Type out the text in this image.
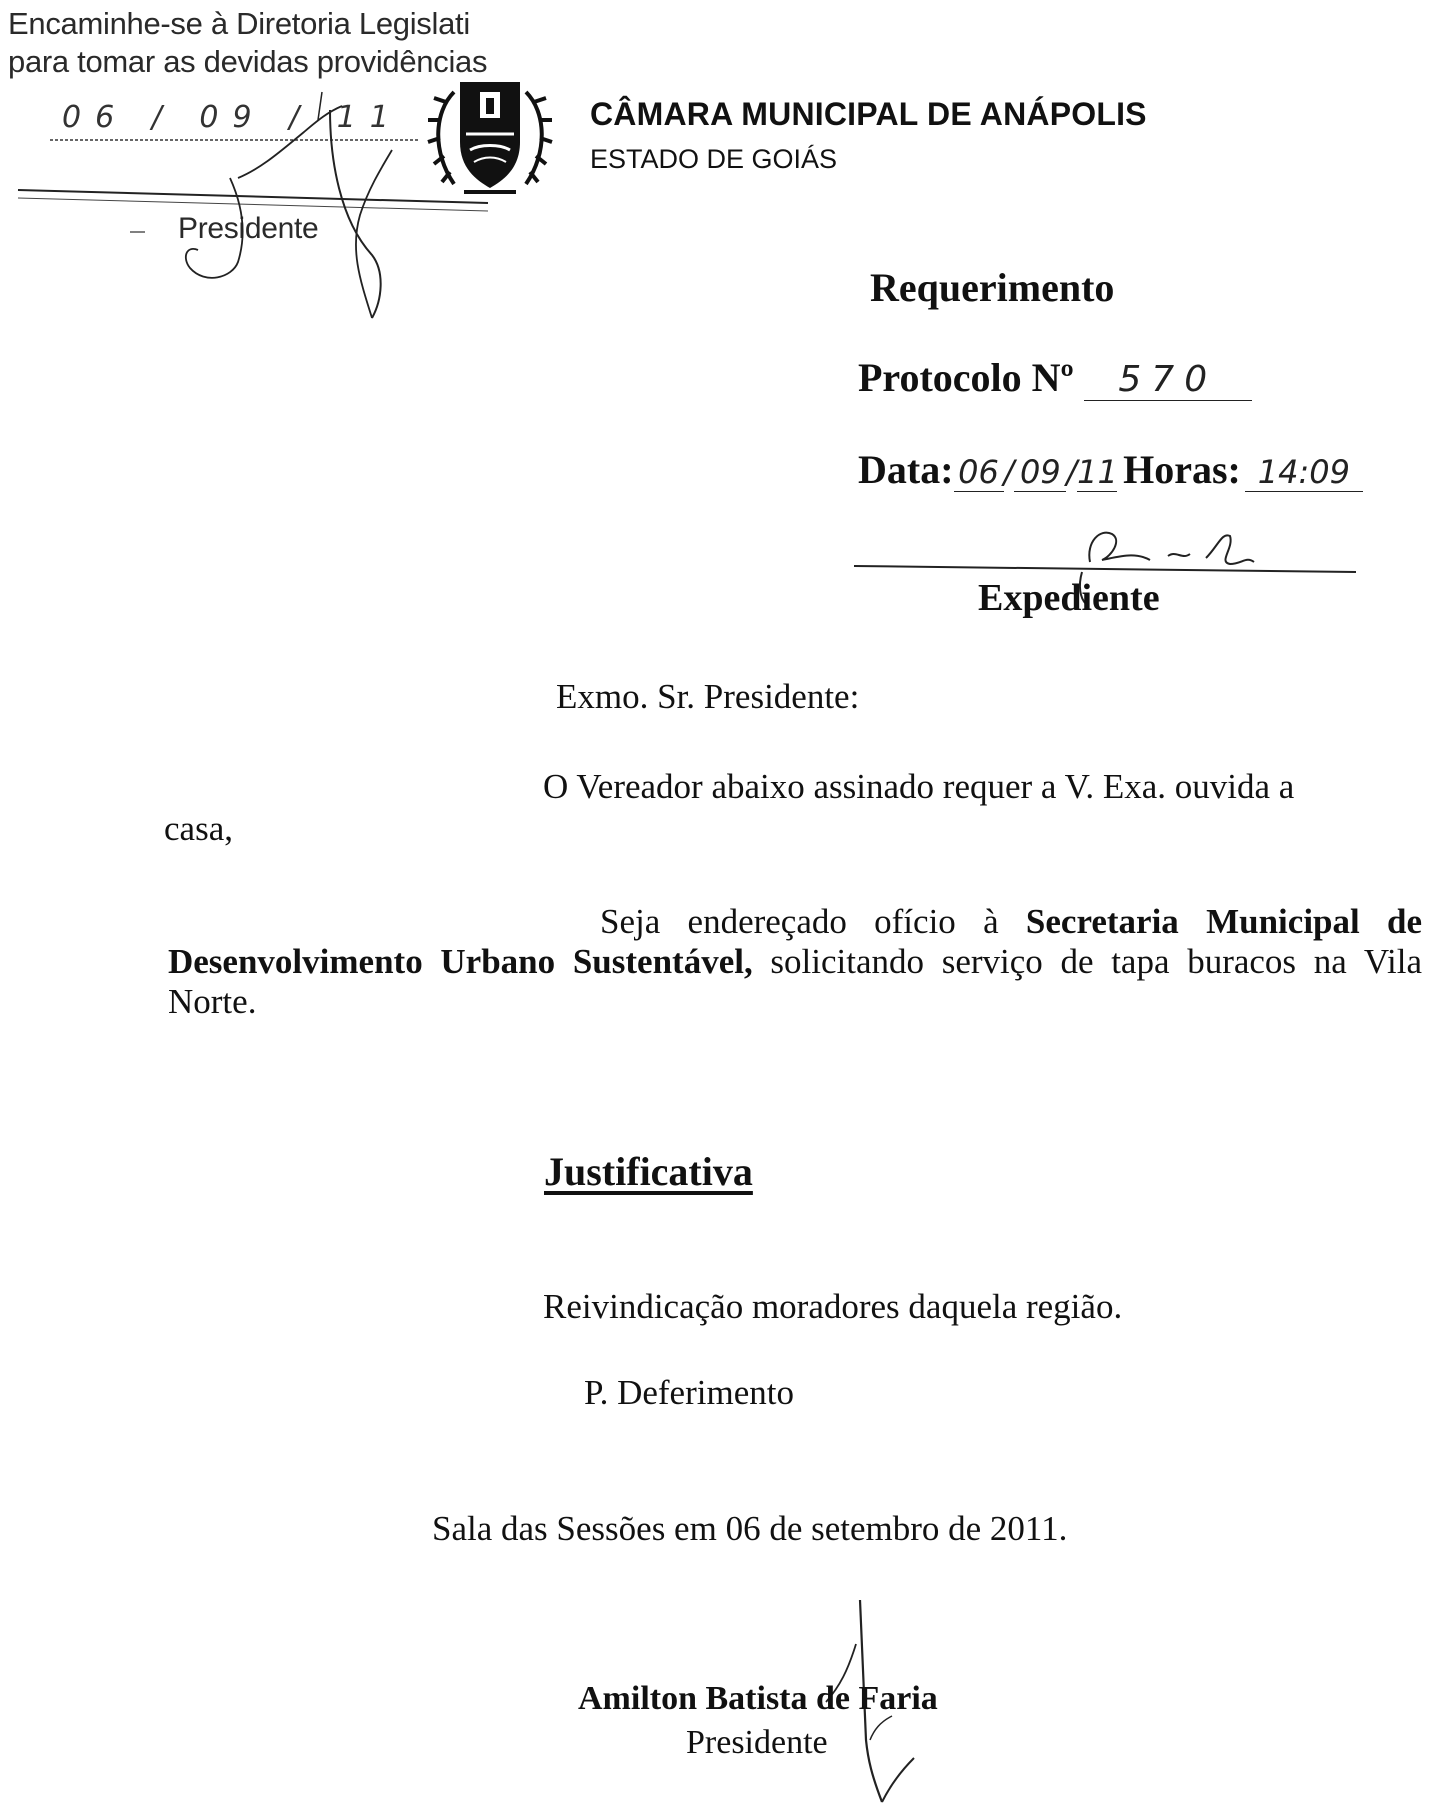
Encaminhe-se à Diretoria Legislati
para tomar as devidas providências
06 / 09 / 11
Presidente
CÂMARA MUNICIPAL DE ANÁPOLIS
ESTADO DE GOIÁS
Requerimento
Protocolo Nº 570
Data: 06 / 09 /11 Horas: 14:09
Expediente
Exmo. Sr. Presidente:
O Vereador abaixo assinado requer a V. Exa. ouvida a
casa,
Seja endereçado ofício à Secretaria Municipal de Desenvolvimento Urbano Sustentável, solicitando serviço de tapa buracos na Vila Norte.
Justificativa
Reivindicação moradores daquela região.
P. Deferimento
Sala das Sessões em 06 de setembro de 2011.
Amilton Batista de Faria
Presidente
